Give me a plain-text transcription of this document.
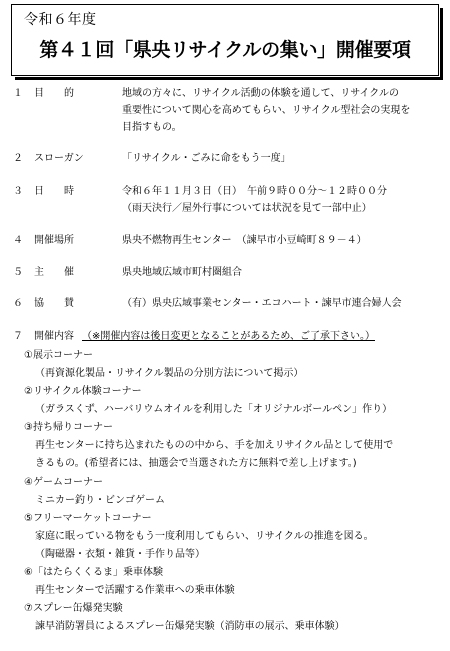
令和６年度
第４１回「県央リサイクルの集い」開催要項
１ 目　　的	地域の方々に、リサイクル活動の体験を通して、リサイクルの
重要性について関心を高めてもらい、リサイクル型社会の実現を
目指すもの。
２ スローガン	「リサイクル・ごみに命をもう一度」
３ 日　　時	令和６年１１月３日（日）　午前９時００分～１２時００分
（雨天決行／屋外行事については状況を見て一部中止）
４ 開催場所	県央不燃物再生センター　（諫早市小豆崎町８９－４）
５ 主　　催	県央地域広域市町村圏組合
６ 協　　賛	（有）県央広域事業センター・エコハート・諫早市連合婦人会
７ 開催内容 （※開催内容は後日変更となることがあるため、ご了承下さい。）
①展示コーナー
（再資源化製品・リサイクル製品の分別方法について掲示）
②リサイクル体験コーナー
（ガラスくず、ハーバリウムオイルを利用した「オリジナルボールペン」作り）
③持ち帰りコーナー
再生センターに持ち込まれたものの中から、手を加えリサイクル品として使用で
きるもの。(希望者には、抽選会で当選された方に無料で差し上げます。)
④ゲームコーナー
ミニカー釣り・ビンゴゲーム
⑤フリーマーケットコーナー
家庭に眠っている物をもう一度利用してもらい、リサイクルの推進を図る。
（陶磁器・衣類・雑貨・手作り品等）
⑥「はたらくくるま」乗車体験
再生センターで活躍する作業車への乗車体験
⑦スプレー缶爆発実験
諫早消防署員によるスプレー缶爆発実験（消防車の展示、乗車体験）
